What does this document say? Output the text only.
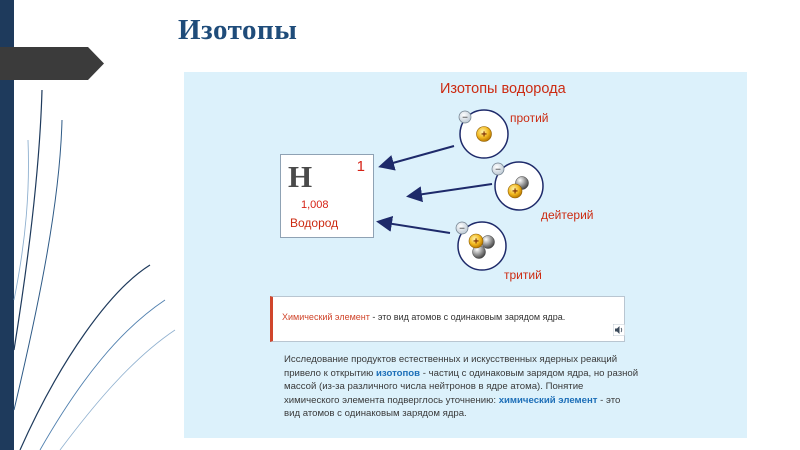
Изотопы
+
−
+
−
+
−
Изотопы водорода
протий
дейтерий
тритий
H	1
1,008
Водород
Химический элемент - это вид атомов с одинаковым зарядом ядра.
Исследование продуктов естественных и искусственных ядерных реакций привело к открытию изотопов - частиц с одинаковым зарядом ядра, но разной массой (из-за различного числа нейтронов в ядре атома). Понятие химического элемента подверглось уточнению: химический элемент - это вид атомов с одинаковым зарядом ядра.
